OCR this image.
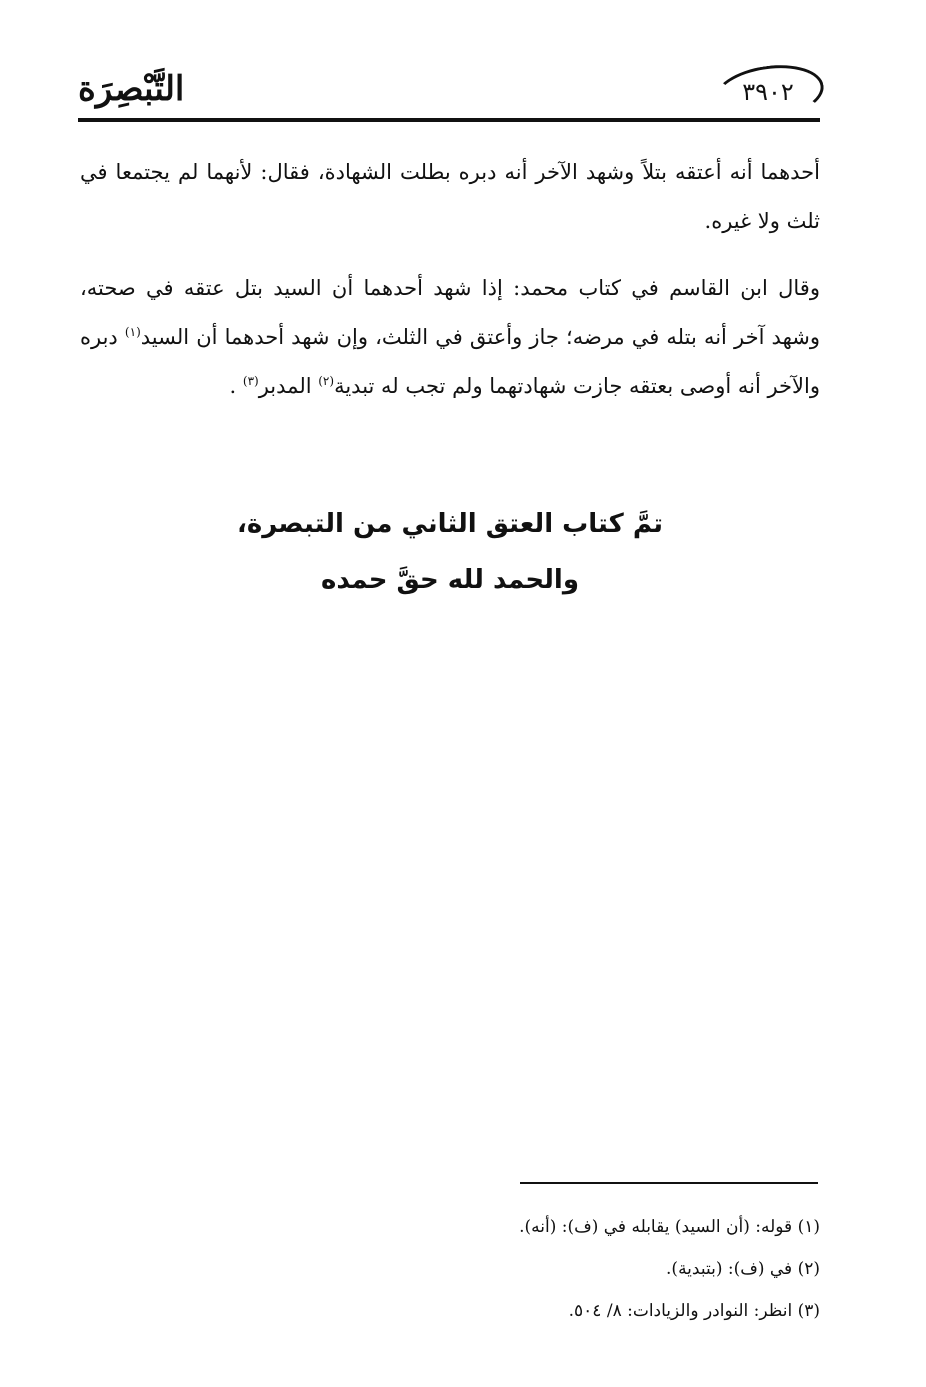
التَّبْصِرَة	٣٩٠٢

أحدهما أنه أعتقه بتلاً وشهد الآخر أنه دبره بطلت الشهادة، فقال: لأنهما لم يجتمعا في ثلث ولا غيره.

وقال ابن القاسم في كتاب محمد: إذا شهد أحدهما أن السيد بتل عتقه في صحته، وشهد آخر أنه بتله في مرضه؛ جاز وأعتق في الثلث، وإن شهد أحدهما أن السيد$^{(١)}$ دبره والآخر أنه أوصى بعتقه جازت شهادتهما ولم تجب له تبدية$^{(٢)}$ المدبر$^{(٣)}$ .

تمَّ كتاب العتق الثاني من التبصرة،
والحمد لله حقَّ حمده
(١) قوله: (أن السيد) يقابله في (ف): (أنه).
(٢) في (ف): (بتبدية).
(٣) انظر: النوادر والزيادات: ٨/ ٥٠٤.
